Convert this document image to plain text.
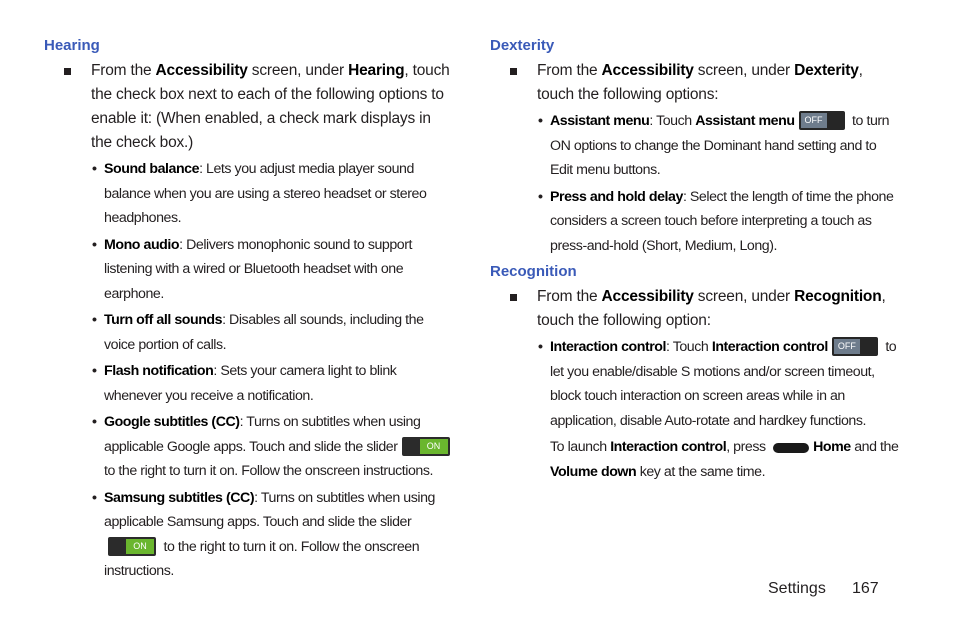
Hearing
From the Accessibility screen, under Hearing, touch the check box next to each of the following options to enable it: (When enabled, a check mark displays in the check box.)
• Sound balance: Lets you adjust media player sound balance when you are using a stereo headset or stereo headphones.
• Mono audio: Delivers monophonic sound to support listening with a wired or Bluetooth headset with one earphone.
• Turn off all sounds: Disables all sounds, including the voice portion of calls.
• Flash notification: Sets your camera light to blink whenever you receive a notification.
• Google subtitles (CC): Turns on subtitles when using applicable Google apps. Touch and slide the slider	ON
to the right to turn it on. Follow the onscreen instructions.
• Samsung subtitles (CC): Turns on subtitles when using applicable Samsung apps. Touch and slide the slider
ON to the right to turn it on. Follow the onscreen instructions.
Dexterity
From the Accessibility screen, under Dexterity, touch the following options:
• Assistant menu: Touch Assistant menu	OFF to turn ON options to change the Dominant hand setting and to Edit menu buttons.
• Press and hold delay: Select the length of time the phone considers a screen touch before interpreting a touch as press-and-hold (Short, Medium, Long).
Recognition
From the Accessibility screen, under Recognition, touch the following option:
• Interaction control: Touch Interaction control	OFF to let you enable/disable S motions and/or screen timeout, block touch interaction on screen areas while in an application, disable Auto-rotate and hardkey functions.
To launch Interaction control, press	Home and the Volume down key at the same time.
Settings 167
